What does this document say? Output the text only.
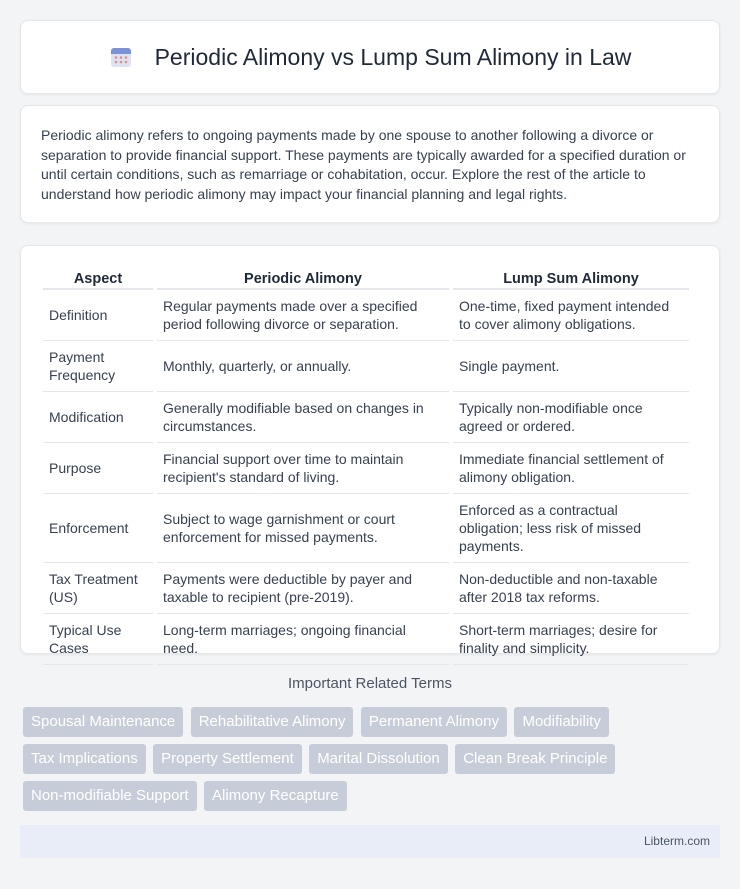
Periodic Alimony vs Lump Sum Alimony in Law

Periodic alimony refers to ongoing payments made by one spouse to another following a divorce or separation to provide financial support. These payments are typically awarded for a specified duration or until certain conditions, such as remarriage or cohabitation, occur. Explore the rest of the article to understand how periodic alimony may impact your financial planning and legal rights.

Aspect	Periodic Alimony	Lump Sum Alimony
Definition	Regular payments made over a specified period following divorce or separation.	One-time, fixed payment intended to cover alimony obligations.
Payment Frequency	Monthly, quarterly, or annually.	Single payment.
Modification	Generally modifiable based on changes in circumstances.	Typically non-modifiable once agreed or ordered.
Purpose	Financial support over time to maintain recipient's standard of living.	Immediate financial settlement of alimony obligation.
Enforcement	Subject to wage garnishment or court enforcement for missed payments.	Enforced as a contractual obligation; less risk of missed payments.
Tax Treatment (US)	Payments were deductible by payer and taxable to recipient (pre-2019).	Non-deductible and non-taxable after 2018 tax reforms.
Typical Use Cases	Long-term marriages; ongoing financial need.	Short-term marriages; desire for finality and simplicity.
Important Related Terms
Spousal Maintenance Rehabilitative Alimony Permanent Alimony Modifiability Tax Implications Property Settlement Marital Dissolution Clean Break Principle Non-modifiable Support Alimony Recapture
Libterm.com
